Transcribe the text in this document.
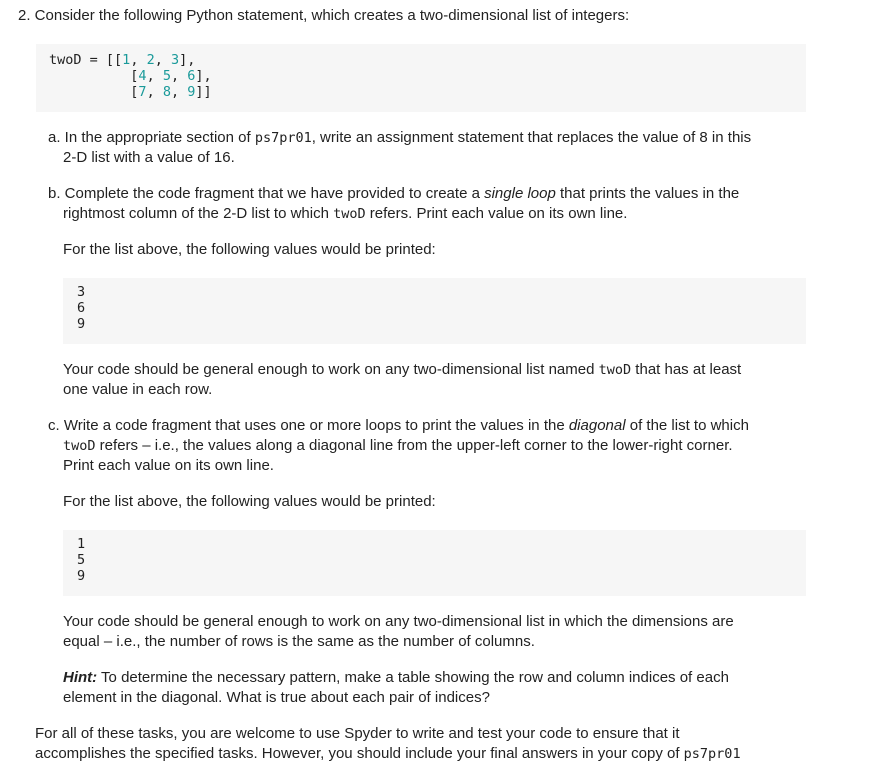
2. Consider the following Python statement, which creates a two-dimensional list of integers:
twoD = [[1, 2, 3],
[4, 5, 6],
[7, 8, 9]]
a. In the appropriate section of ps7pr01, write an assignment statement that replaces the value of 8 in this
2-D list with a value of 16.
b. Complete the code fragment that we have provided to create a single loop that prints the values in the
rightmost column of the 2-D list to which twoD refers. Print each value on its own line.
For the list above, the following values would be printed:
3
6
9
Your code should be general enough to work on any two-dimensional list named twoD that has at least
one value in each row.
c. Write a code fragment that uses one or more loops to print the values in the diagonal of the list to which
twoD refers – i.e., the values along a diagonal line from the upper-left corner to the lower-right corner.
Print each value on its own line.
For the list above, the following values would be printed:
1
5
9
Your code should be general enough to work on any two-dimensional list in which the dimensions are
equal – i.e., the number of rows is the same as the number of columns.
Hint: To determine the necessary pattern, make a table showing the row and column indices of each
element in the diagonal. What is true about each pair of indices?
For all of these tasks, you are welcome to use Spyder to write and test your code to ensure that it
accomplishes the specified tasks. However, you should include your final answers in your copy of ps7pr01
